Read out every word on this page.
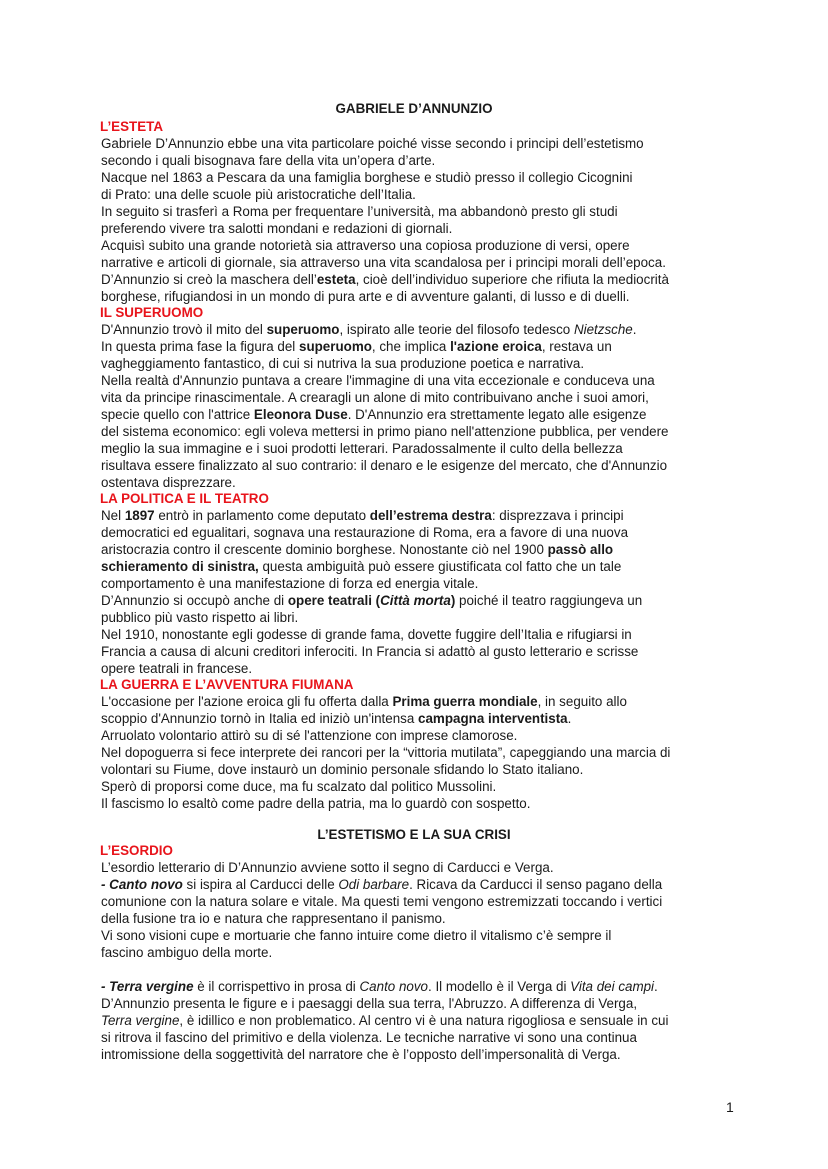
GABRIELE D’ANNUNZIO
L’ESTETA
Gabriele D’Annunzio ebbe una vita particolare poiché visse secondo i principi dell’estetismo
secondo i quali bisognava fare della vita un’opera d’arte.
Nacque nel 1863 a Pescara da una famiglia borghese e studiò presso il collegio Cicognini
di Prato: una delle scuole più aristocratiche dell’Italia.
In seguito si trasferì a Roma per frequentare l’università, ma abbandonò presto gli studi
preferendo vivere tra salotti mondani e redazioni di giornali.
Acquisì subito una grande notorietà sia attraverso una copiosa produzione di versi, opere
narrative e articoli di giornale, sia attraverso una vita scandalosa per i principi morali dell’epoca.
D’Annunzio si creò la maschera dell’esteta, cioè dell’individuo superiore che rifiuta la mediocrità
borghese, rifugiandosi in un mondo di pura arte e di avventure galanti, di lusso e di duelli.
IL SUPERUOMO
D'Annunzio trovò il mito del superuomo, ispirato alle teorie del filosofo tedesco Nietzsche.
In questa prima fase la figura del superuomo, che implica l'azione eroica, restava un
vagheggiamento fantastico, di cui si nutriva la sua produzione poetica e narrativa.
Nella realtà d'Annunzio puntava a creare l'immagine di una vita eccezionale e conduceva una
vita da principe rinascimentale. A crearagli un alone di mito contribuivano anche i suoi amori,
specie quello con l'attrice Eleonora Duse. D'Annunzio era strettamente legato alle esigenze
del sistema economico: egli voleva mettersi in primo piano nell'attenzione pubblica, per vendere
meglio la sua immagine e i suoi prodotti letterari. Paradossalmente il culto della bellezza
risultava essere finalizzato al suo contrario: il denaro e le esigenze del mercato, che d'Annunzio
ostentava disprezzare.
LA POLITICA E IL TEATRO
Nel 1897 entrò in parlamento come deputato dell’estrema destra: disprezzava i principi
democratici ed egualitari, sognava una restaurazione di Roma, era a favore di una nuova
aristocrazia contro il crescente dominio borghese. Nonostante ciò nel 1900 passò allo
schieramento di sinistra, questa ambiguità può essere giustificata col fatto che un tale
comportamento è una manifestazione di forza ed energia vitale.
D’Annunzio si occupò anche di opere teatrali (Città morta) poiché il teatro raggiungeva un
pubblico più vasto rispetto ai libri.
Nel 1910, nonostante egli godesse di grande fama, dovette fuggire dell’Italia e rifugiarsi in
Francia a causa di alcuni creditori inferociti. In Francia si adattò al gusto letterario e scrisse
opere teatrali in francese.
LA GUERRA E L’AVVENTURA FIUMANA
L'occasione per l'azione eroica gli fu offerta dalla Prima guerra mondiale, in seguito allo
scoppio d'Annunzio tornò in Italia ed iniziò un'intensa campagna interventista.
Arruolato volontario attirò su di sé l'attenzione con imprese clamorose.
Nel dopoguerra si fece interprete dei rancori per la “vittoria mutilata”, capeggiando una marcia di
volontari su Fiume, dove instaurò un dominio personale sfidando lo Stato italiano.
Sperò di proporsi come duce, ma fu scalzato dal politico Mussolini.
Il fascismo lo esaltò come padre della patria, ma lo guardò con sospetto.
L’ESTETISMO E LA SUA CRISI
L’ESORDIO
L’esordio letterario di D’Annunzio avviene sotto il segno di Carducci e Verga.
- Canto novo si ispira al Carducci delle Odi barbare. Ricava da Carducci il senso pagano della
comunione con la natura solare e vitale. Ma questi temi vengono estremizzati toccando i vertici
della fusione tra io e natura che rappresentano il panismo.
Vi sono visioni cupe e mortuarie che fanno intuire come dietro il vitalismo c’è sempre il
fascino ambiguo della morte.
- Terra vergine è il corrispettivo in prosa di Canto novo. Il modello è il Verga di Vita dei campi.
D’Annunzio presenta le figure e i paesaggi della sua terra, l'Abruzzo. A differenza di Verga,
Terra vergine, è idillico e non problematico. Al centro vi è una natura rigogliosa e sensuale in cui
si ritrova il fascino del primitivo e della violenza. Le tecniche narrative vi sono una continua
intromissione della soggettività del narratore che è l’opposto dell’impersonalità di Verga.
1
